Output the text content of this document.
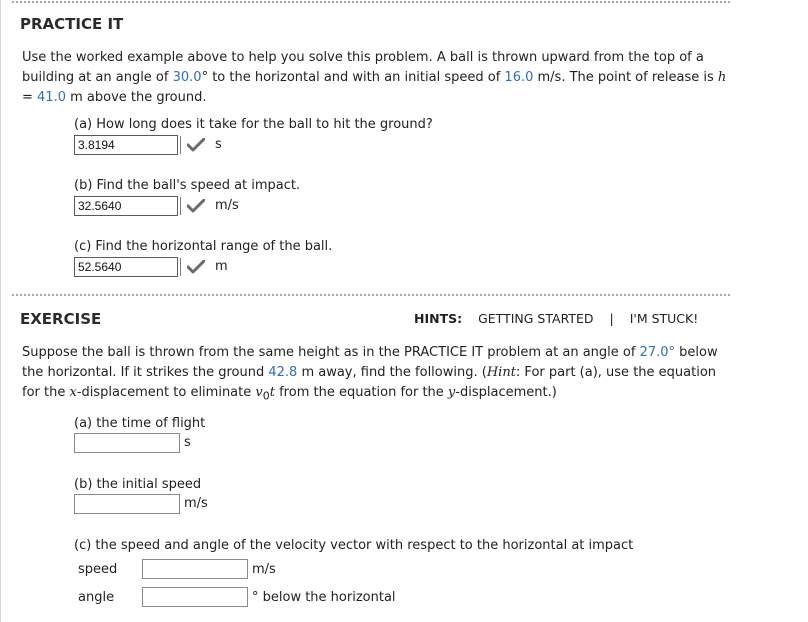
PRACTICE IT

Use the worked example above to help you solve this problem. A ball is thrown upward from the top of a building at an angle of 30.0° to the horizontal and with an initial speed of 16.0 m/s. The point of release is h = 41.0 m above the ground.

(a) How long does it take for the ball to hit the ground?
3.8194	s
(b) Find the ball's speed at impact.
32.5640	m/s
(c) Find the horizontal range of the ball.
52.5640	m
EXERCISE	HINTS: GETTING STARTED | I'M STUCK!

Suppose the ball is thrown from the same height as in the PRACTICE IT problem at an angle of 27.0° below the horizontal. If it strikes the ground 42.8 m away, find the following. (Hint: For part (a), use the equation for the x-displacement to eliminate $v_0t$ from the equation for the y-displacement.)

(a) the time of flight
s
(b) the initial speed
m/s
(c) the speed and angle of the velocity vector with respect to the horizontal at impact
speed	m/s
angle	° below the horizontal
